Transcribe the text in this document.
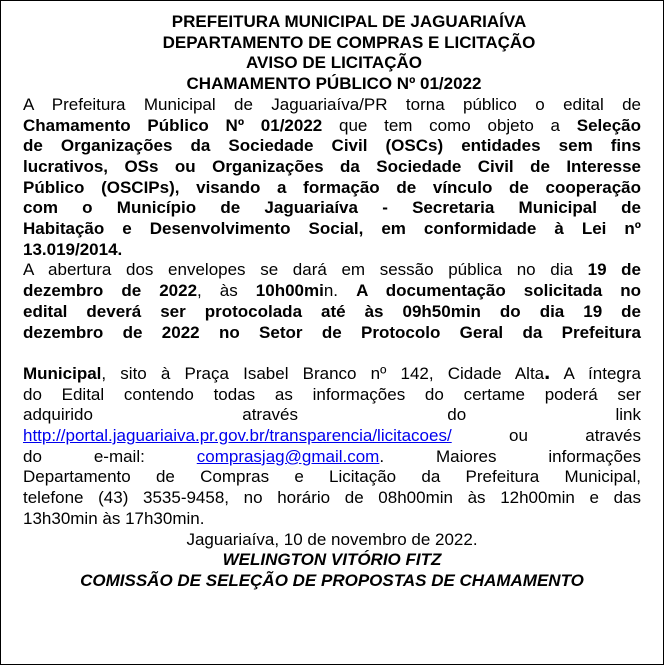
PREFEITURA MUNICIPAL DE JAGUARIAÍVA
DEPARTAMENTO DE COMPRAS E LICITAÇÃO
AVISO DE LICITAÇÃO
CHAMAMENTO PÚBLICO Nº 01/2022
A Prefeitura Municipal de Jaguariaíva/PR torna público o edital de
Chamamento Público Nº 01/2022 que tem como objeto a Seleção
de Organizações da Sociedade Civil (OSCs) entidades sem fins
lucrativos, OSs ou Organizações da Sociedade Civil de Interesse
Público (OSCIPs), visando a formação de vínculo de cooperação
com o Município de Jaguariaíva - Secretaria Municipal de
Habitação e Desenvolvimento Social, em conformidade à Lei nº
13.019/2014.
A abertura dos envelopes se dará em sessão pública no dia 19 de
dezembro de 2022, às 10h00min. A documentação solicitada no
edital deverá ser protocolada até às 09h50min do dia 19 de
dezembro de 2022 no Setor de Protocolo Geral da Prefeitura
Municipal, sito à Praça Isabel Branco nº 142, Cidade Alta. A íntegra
do Edital contendo todas as informações do certame poderá ser
adquirido	através	do	link
http://portal.jaguariaiva.pr.gov.br/transparencia/licitacoes/ ou através
do	e-mail:	comprasjag@gmail.com.	Maiores	informações
Departamento de Compras e Licitação da Prefeitura Municipal,
telefone (43) 3535-9458, no horário de 08h00min às 12h00min e das
13h30min às 17h30min.
Jaguariaíva, 10 de novembro de 2022.
WELINGTON VITÓRIO FITZ
COMISSÃO DE SELEÇÃO DE PROPOSTAS DE CHAMAMENTO
